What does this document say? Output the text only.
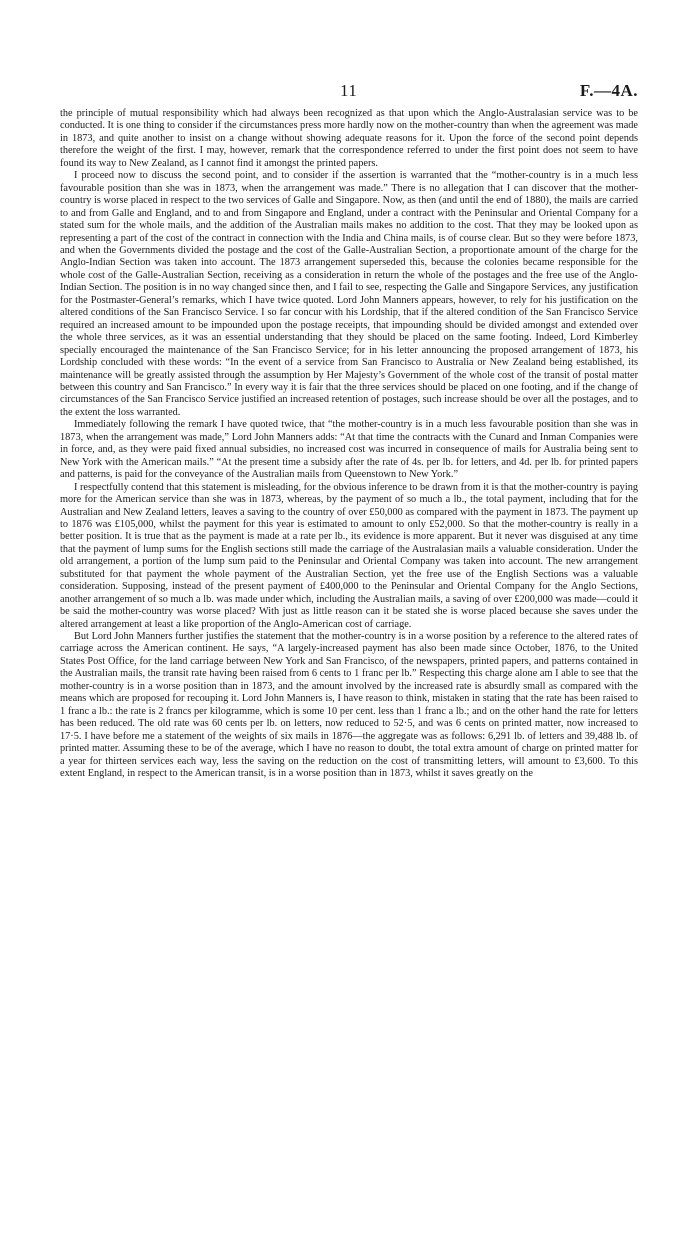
11	F.—4A.

the principle of mutual responsibility which had always been recognized as that upon which the Anglo-Australasian service was to be conducted. It is one thing to consider if the circumstances press more hardly now on the mother-country than when the agreement was made in 1873, and quite another to insist on a change without showing adequate reasons for it. Upon the force of the second point depends therefore the weight of the first. I may, however, remark that the correspondence referred to under the first point does not seem to have found its way to New Zealand, as I cannot find it amongst the printed papers.

I proceed now to discuss the second point, and to consider if the assertion is warranted that the “mother-country is in a much less favourable position than she was in 1873, when the arrangement was made.” There is no allegation that I can discover that the mother-country is worse placed in respect to the two services of Galle and Singapore. Now, as then (and until the end of 1880), the mails are carried to and from Galle and England, and to and from Singapore and England, under a contract with the Peninsular and Oriental Company for a stated sum for the whole mails, and the addition of the Australian mails makes no addition to the cost. That they may be looked upon as representing a part of the cost of the contract in connection with the India and China mails, is of course clear. But so they were before 1873, and when the Governments divided the postage and the cost of the Galle-Australian Section, a proportionate amount of the charge for the Anglo-Indian Section was taken into account. The 1873 arrangement superseded this, because the colonies became responsible for the whole cost of the Galle-Australian Section, receiving as a consideration in return the whole of the postages and the free use of the Anglo-Indian Section. The position is in no way changed since then, and I fail to see, respecting the Galle and Singapore Services, any justification for the Postmaster-General’s remarks, which I have twice quoted. Lord John Manners appears, however, to rely for his justification on the altered conditions of the San Francisco Service. I so far concur with his Lordship, that if the altered condition of the San Francisco Service required an increased amount to be impounded upon the postage receipts, that impounding should be divided amongst and extended over the whole three services, as it was an essential understanding that they should be placed on the same footing. Indeed, Lord Kimberley specially encouraged the maintenance of the San Francisco Service; for in his letter announcing the proposed arrangement of 1873, his Lordship concluded with these words: “In the event of a service from San Francisco to Australia or New Zealand being established, its maintenance will be greatly assisted through the assumption by Her Majesty’s Government of the whole cost of the transit of postal matter between this country and San Francisco.” In every way it is fair that the three services should be placed on one footing, and if the change of circumstances of the San Francisco Service justified an increased retention of postages, such increase should be over all the postages, and to the extent the loss warranted.

Immediately following the remark I have quoted twice, that “the mother-country is in a much less favourable position than she was in 1873, when the arrangement was made,” Lord John Manners adds: “At that time the contracts with the Cunard and Inman Companies were in force, and, as they were paid fixed annual subsidies, no increased cost was incurred in consequence of mails for Australia being sent to New York with the American mails.” “At the present time a subsidy after the rate of 4s. per lb. for letters, and 4d. per lb. for printed papers and patterns, is paid for the conveyance of the Australian mails from Queenstown to New York.”

I respectfully contend that this statement is misleading, for the obvious inference to be drawn from it is that the mother-country is paying more for the American service than she was in 1873, whereas, by the payment of so much a lb., the total payment, including that for the Australian and New Zealand letters, leaves a saving to the country of over £50,000 as compared with the payment in 1873. The payment up to 1876 was £105,000, whilst the payment for this year is estimated to amount to only £52,000. So that the mother-country is really in a better position. It is true that as the payment is made at a rate per lb., its evidence is more apparent. But it never was disguised at any time that the payment of lump sums for the English sections still made the carriage of the Australasian mails a valuable consideration. Under the old arrangement, a portion of the lump sum paid to the Peninsular and Oriental Company was taken into account. The new arrangement substituted for that payment the whole payment of the Australian Section, yet the free use of the English Sections was a valuable consideration. Supposing, instead of the present payment of £400,000 to the Peninsular and Oriental Company for the Anglo Sections, another arrangement of so much a lb. was made under which, including the Australian mails, a saving of over £200,000 was made—could it be said the mother-country was worse placed? With just as little reason can it be stated she is worse placed because she saves under the altered arrangement at least a like proportion of the Anglo-American cost of carriage.

But Lord John Manners further justifies the statement that the mother-country is in a worse position by a reference to the altered rates of carriage across the American continent. He says, “A largely-increased payment has also been made since October, 1876, to the United States Post Office, for the land carriage between New York and San Francisco, of the newspapers, printed papers, and patterns contained in the Australian mails, the transit rate having been raised from 6 cents to 1 franc per lb.” Respecting this charge alone am I able to see that the mother-country is in a worse position than in 1873, and the amount involved by the increased rate is absurdly small as compared with the means which are proposed for recouping it. Lord John Manners is, I have reason to think, mistaken in stating that the rate has been raised to 1 franc a lb.: the rate is 2 francs per kilogramme, which is some 10 per cent. less than 1 franc a lb.; and on the other hand the rate for letters has been reduced. The old rate was 60 cents per lb. on letters, now reduced to 52·5, and was 6 cents on printed matter, now increased to 17·5. I have before me a statement of the weights of six mails in 1876—the aggregate was as follows: 6,291 lb. of letters and 39,488 lb. of printed matter. Assuming these to be of the average, which I have no reason to doubt, the total extra amount of charge on printed matter for a year for thirteen services each way, less the saving on the reduction on the cost of transmitting letters, will amount to £3,600. To this extent England, in respect to the American transit, is in a worse position than in 1873, whilst it saves greatly on the
